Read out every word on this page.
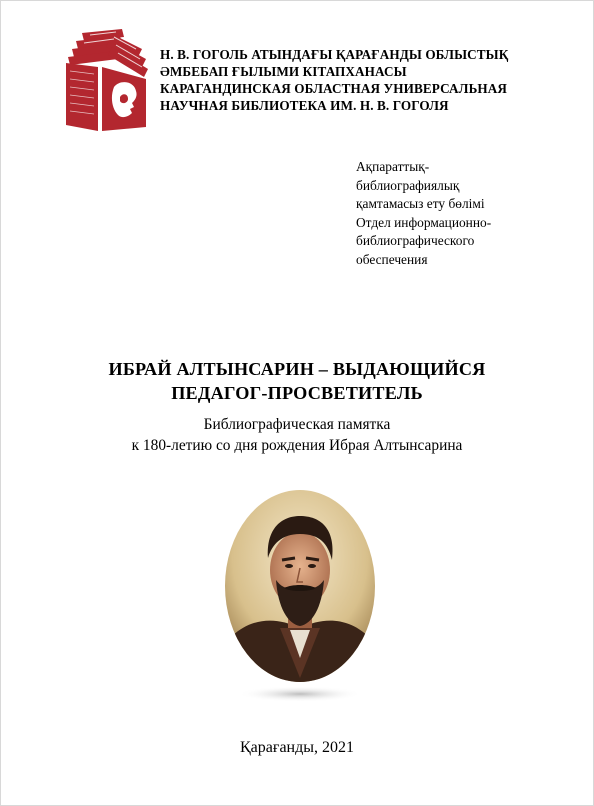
Н. В. ГОГОЛЬ АТЫНДАҒЫ ҚАРАҒАНДЫ ОБЛЫСТЫҚ
ӘМБЕБАП ҒЫЛЫМИ КІТАПХАНАСЫ
КАРАГАНДИНСКАЯ ОБЛАСТНАЯ УНИВЕРСАЛЬНАЯ
НАУЧНАЯ БИБЛИОТЕКА ИМ. Н. В. ГОГОЛЯ
Ақпараттық-
библиографиялық
қамтамасыз ету бөлімі
Отдел информационно-
библиографического
обеспечения
ИБРАЙ АЛТЫНСАРИН – ВЫДАЮЩИЙСЯ
ПЕДАГОГ-ПРОСВЕТИТЕЛЬ
Библиографическая памятка
к 180-летию со дня рождения Ибрая Алтынсарина
Қарағанды, 2021
